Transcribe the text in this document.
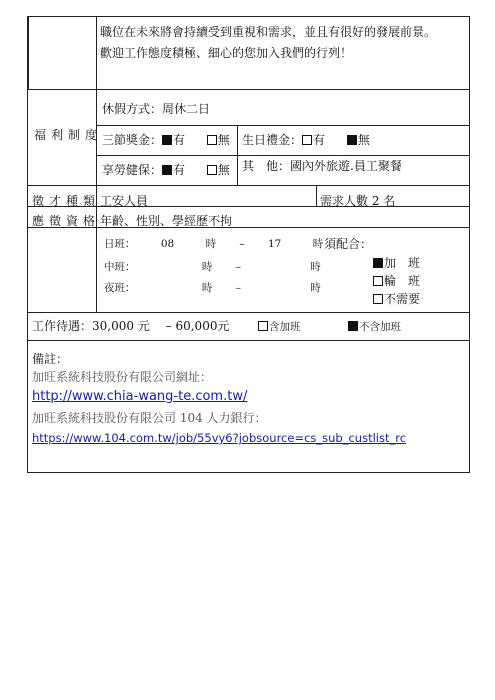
職位在未來將會持續受到重視和需求，並且有很好的發展前景。
歡迎工作態度積極、細心的您加入我們的行列！
福利制度
休假方式：周休二日
三節獎金： 有	無 生日禮金： 有	無
享勞健保： 有	無 其　他：國內外旅遊.員工聚餐
徵才種類 工安人員	需求人數 2 名
應徵資格 年齡、性別、學經歷不拘
日班： 08	時 – 17	時
中班：	時 –	時
夜班：	時 –	時
須配合：
加　班
輪　班
不需要
工作待遇：30,000 元 – 60,000元	含加班	不含加班
備註：
加旺系統科技股份有限公司網址：
http://www.chia-wang-te.com.tw/
加旺系統科技股份有限公司 104 人力銀行：
https://www.104.com.tw/job/55vy6?jobsource=cs_sub_custlist_rc
